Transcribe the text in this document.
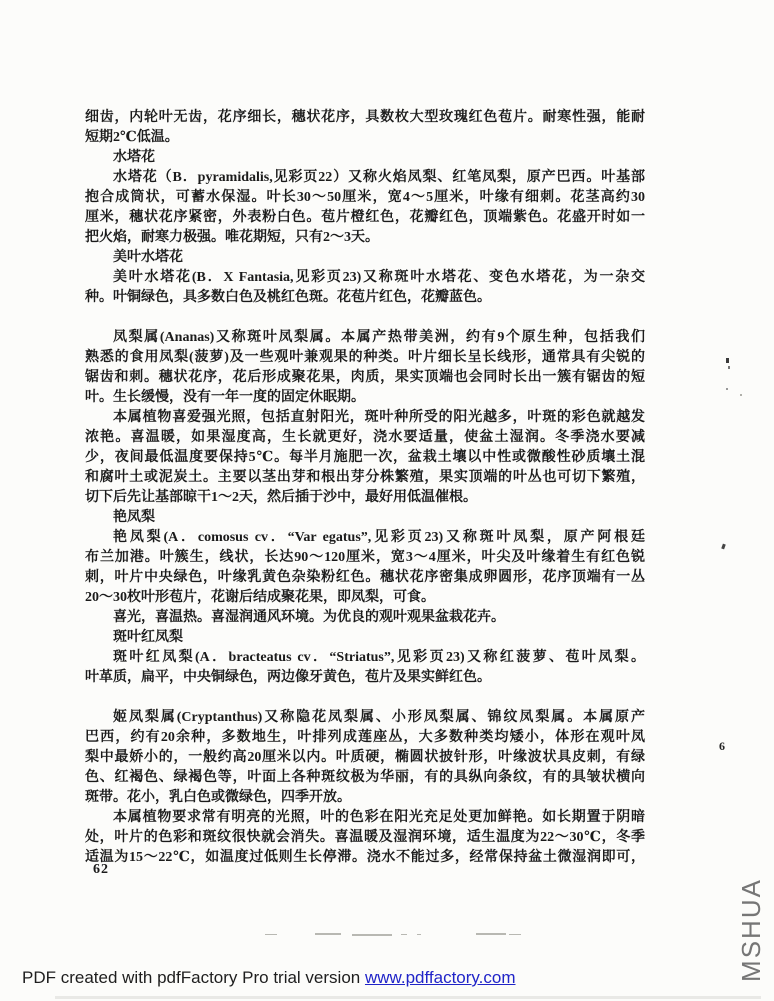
细齿，内轮叶无齿，花序细长，穗状花序，具数枚大型玫瑰红色苞片。耐寒性强，能耐
短期2℃低温。
水塔花
水塔花（B．pyramidalis,见彩页22）又称火焰凤梨、红笔凤梨，原产巴西。叶基部
抱合成筒状，可蓄水保湿。叶长30～50厘米，宽4～5厘米，叶缘有细刺。花茎高约30
厘米，穗状花序紧密，外表粉白色。苞片橙红色，花瓣红色，顶端紫色。花盛开时如一
把火焰，耐寒力极强。唯花期短，只有2～3天。
美叶水塔花
美叶水塔花(B．X Fantasia,见彩页23)又称斑叶水塔花、变色水塔花，为一杂交
种。叶铜绿色，具多数白色及桃红色斑。花苞片红色，花瓣蓝色。
凤梨属(Ananas)又称斑叶凤梨属。本属产热带美洲，约有9个原生种，包括我们
熟悉的食用凤梨(菠萝)及一些观叶兼观果的种类。叶片细长呈长线形，通常具有尖锐的
锯齿和刺。穗状花序，花后形成聚花果，肉质，果实顶端也会同时长出一簇有锯齿的短
叶。生长缓慢，没有一年一度的固定休眠期。
本属植物喜爱强光照，包括直射阳光，斑叶种所受的阳光越多，叶斑的彩色就越发
浓艳。喜温暖，如果湿度高，生长就更好，浇水要适量，使盆土湿润。冬季浇水要减
少，夜间最低温度要保持5℃。每半月施肥一次，盆栽土壤以中性或微酸性砂质壤土混
和腐叶土或泥炭土。主要以茎出芽和根出芽分株繁殖，果实顶端的叶丛也可切下繁殖，
切下后先让基部晾干1～2天，然后插于沙中，最好用低温催根。
艳凤梨
艳凤梨(A．comosus cv．“Var egatus”,见彩页23)又称斑叶凤梨，原产阿根廷
布兰加港。叶簇生，线状，长达90～120厘米，宽3～4厘米，叶尖及叶缘着生有红色锐
刺，叶片中央绿色，叶缘乳黄色杂染粉红色。穗状花序密集成卵圆形，花序顶端有一丛
20～30枚叶形苞片，花谢后结成聚花果，即凤梨，可食。
喜光，喜温热。喜湿润通风环境。为优良的观叶观果盆栽花卉。
斑叶红凤梨
斑叶红凤梨(A．bracteatus cv．“Striatus”,见彩页23)又称红菠萝、苞叶凤梨。
叶革质，扁平，中央铜绿色，两边像牙黄色，苞片及果实鲜红色。
姬凤梨属(Cryptanthus)又称隐花凤梨属、小形凤梨属、锦纹凤梨属。本属原产
巴西，约有20余种，多数地生，叶排列成莲座丛，大多数种类均矮小，体形在观叶凤
梨中最娇小的，一般约高20厘米以内。叶质硬，椭圆状披针形，叶缘波状具皮刺，有绿
色、红褐色、绿褐色等，叶面上各种斑纹极为华丽，有的具纵向条纹，有的具皱状横向
斑带。花小，乳白色或微绿色，四季开放。
本属植物要求常有明亮的光照，叶的色彩在阳光充足处更加鲜艳。如长期置于阴暗
处，叶片的色彩和斑纹很快就会消失。喜温暖及湿润环境，适生温度为22～30℃，冬季
适温为15～22℃，如温度过低则生长停滞。浇水不能过多，经常保持盆土微湿润即可，
62
6
MSHUA
PDF created with pdfFactory Pro trial version www.pdffactory.com
